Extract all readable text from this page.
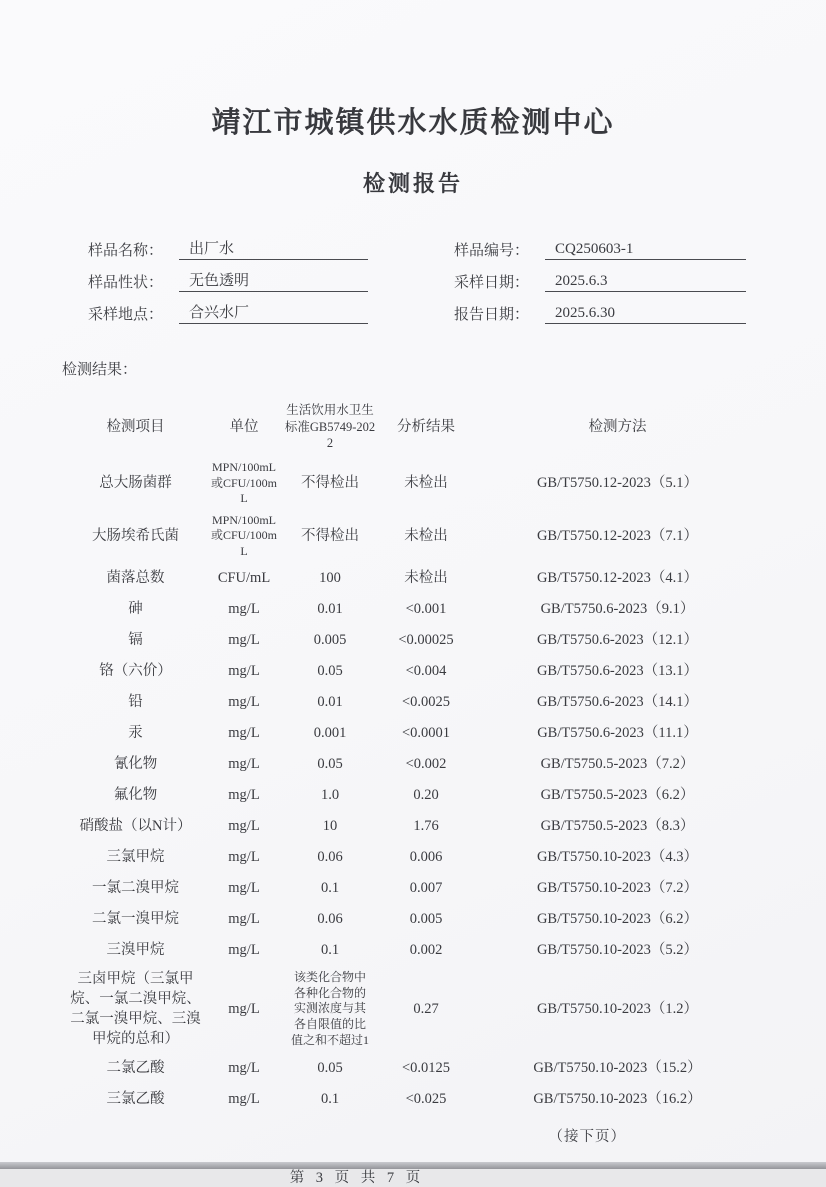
靖江市城镇供水水质检测中心
检测报告
样品名称：	出厂水	样品编号：	CQ250603-1
样品性状：	无色透明	采样日期：	2025.6.3
采样地点：	合兴水厂	报告日期：	2025.6.30
检测结果：
检测项目	单位	生活饮用水卫生标准GB5749-2022	分析结果	检测方法
总大肠菌群	MPN/100mL或CFU/100mL	不得检出	未检出	GB/T5750.12-2023（5.1）
大肠埃希氏菌	MPN/100mL或CFU/100mL	不得检出	未检出	GB/T5750.12-2023（7.1）
菌落总数	CFU/mL	100	未检出	GB/T5750.12-2023（4.1）
砷	mg/L	0.01	<0.001	GB/T5750.6-2023（9.1）
镉	mg/L	0.005	<0.00025	GB/T5750.6-2023（12.1）
铬（六价）	mg/L	0.05	<0.004	GB/T5750.6-2023（13.1）
铅	mg/L	0.01	<0.0025	GB/T5750.6-2023（14.1）
汞	mg/L	0.001	<0.0001	GB/T5750.6-2023（11.1）
氰化物	mg/L	0.05	<0.002	GB/T5750.5-2023（7.2）
氟化物	mg/L	1.0	0.20	GB/T5750.5-2023（6.2）
硝酸盐（以N计）	mg/L	10	1.76	GB/T5750.5-2023（8.3）
三氯甲烷	mg/L	0.06	0.006	GB/T5750.10-2023（4.3）
一氯二溴甲烷	mg/L	0.1	0.007	GB/T5750.10-2023（7.2）
二氯一溴甲烷	mg/L	0.06	0.005	GB/T5750.10-2023（6.2）
三溴甲烷	mg/L	0.1	0.002	GB/T5750.10-2023（5.2）
三卤甲烷（三氯甲烷、一氯二溴甲烷、二氯一溴甲烷、三溴甲烷的总和）	mg/L	该类化合物中各种化合物的实测浓度与其各自限值的比值之和不超过1	0.27	GB/T5750.10-2023（1.2）
二氯乙酸	mg/L	0.05	<0.0125	GB/T5750.10-2023（15.2）
三氯乙酸	mg/L	0.1	<0.025	GB/T5750.10-2023（16.2）
（接下页）
第 3 页 共 7 页
